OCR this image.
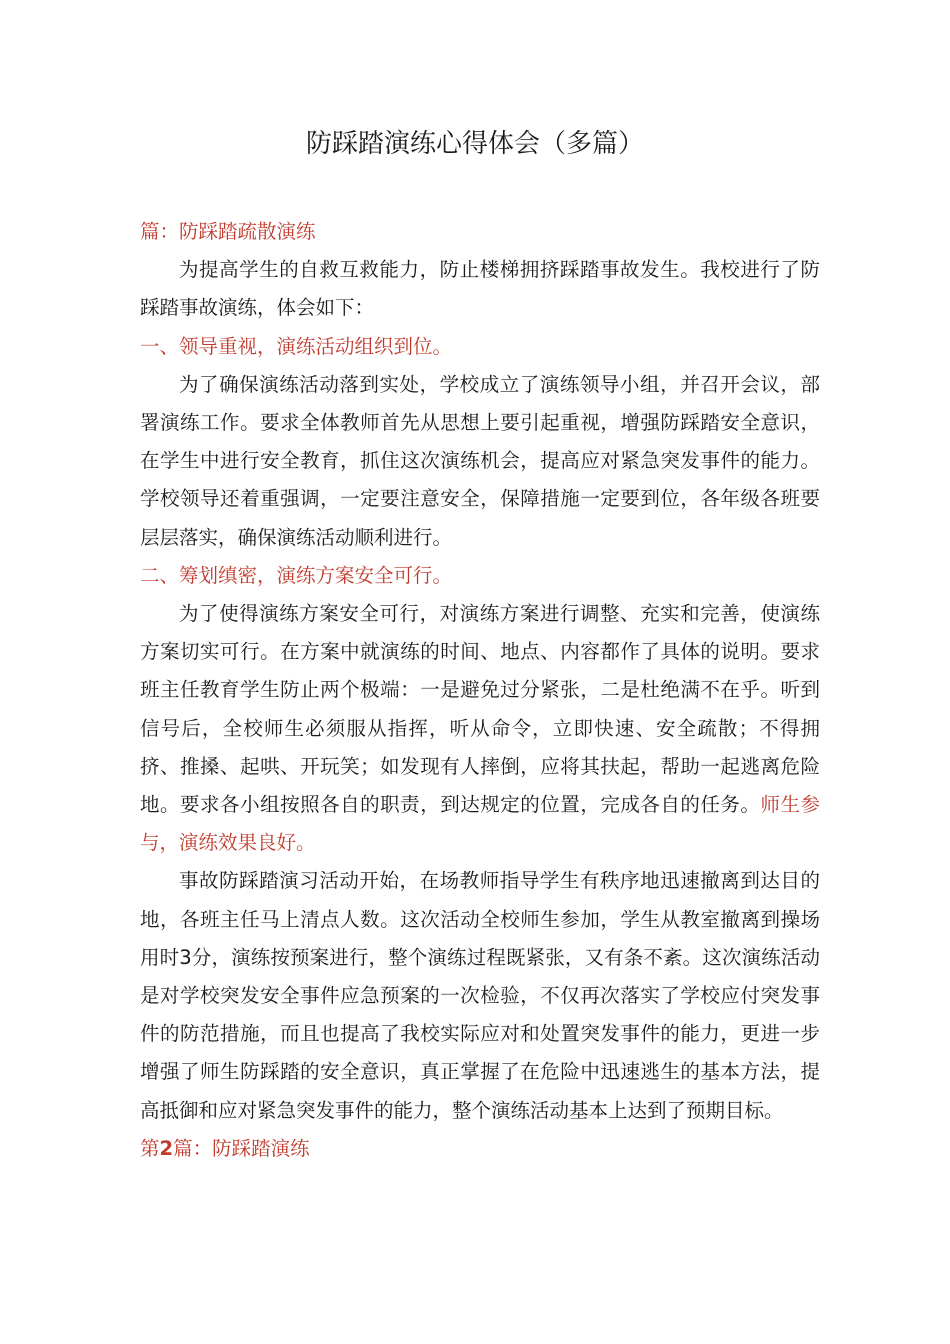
防踩踏演练心得体会（多篇）

篇：防踩踏疏散演练

为提高学生的自救互救能力，防止楼梯拥挤踩踏事故发生。我校进行了防踩踏事故演练，体会如下：

一、领导重视，演练活动组织到位。

为了确保演练活动落到实处，学校成立了演练领导小组，并召开会议，部署演练工作。要求全体教师首先从思想上要引起重视，增强防踩踏安全意识，在学生中进行安全教育，抓住这次演练机会，提高应对紧急突发事件的能力。学校领导还着重强调，一定要注意安全，保障措施一定要到位，各年级各班要层层落实，确保演练活动顺利进行。

二、筹划缜密，演练方案安全可行。

为了使得演练方案安全可行，对演练方案进行调整、充实和完善，使演练方案切实可行。在方案中就演练的时间、地点、内容都作了具体的说明。要求班主任教育学生防止两个极端：一是避免过分紧张，二是杜绝满不在乎。听到信号后，全校师生必须服从指挥，听从命令，立即快速、安全疏散；不得拥挤、推搡、起哄、开玩笑；如发现有人摔倒，应将其扶起，帮助一起逃离危险地。要求各小组按照各自的职责，到达规定的位置，完成各自的任务。师生参与，演练效果良好。

事故防踩踏演习活动开始，在场教师指导学生有秩序地迅速撤离到达目的地，各班主任马上清点人数。这次活动全校师生参加，学生从教室撤离到操场用时3分，演练按预案进行，整个演练过程既紧张，又有条不紊。这次演练活动是对学校突发安全事件应急预案的一次检验，不仅再次落实了学校应付突发事件的防范措施，而且也提高了我校实际应对和处置突发事件的能力，更进一步增强了师生防踩踏的安全意识，真正掌握了在危险中迅速逃生的基本方法，提高抵御和应对紧急突发事件的能力，整个演练活动基本上达到了预期目标。

第2篇：防踩踏演练
